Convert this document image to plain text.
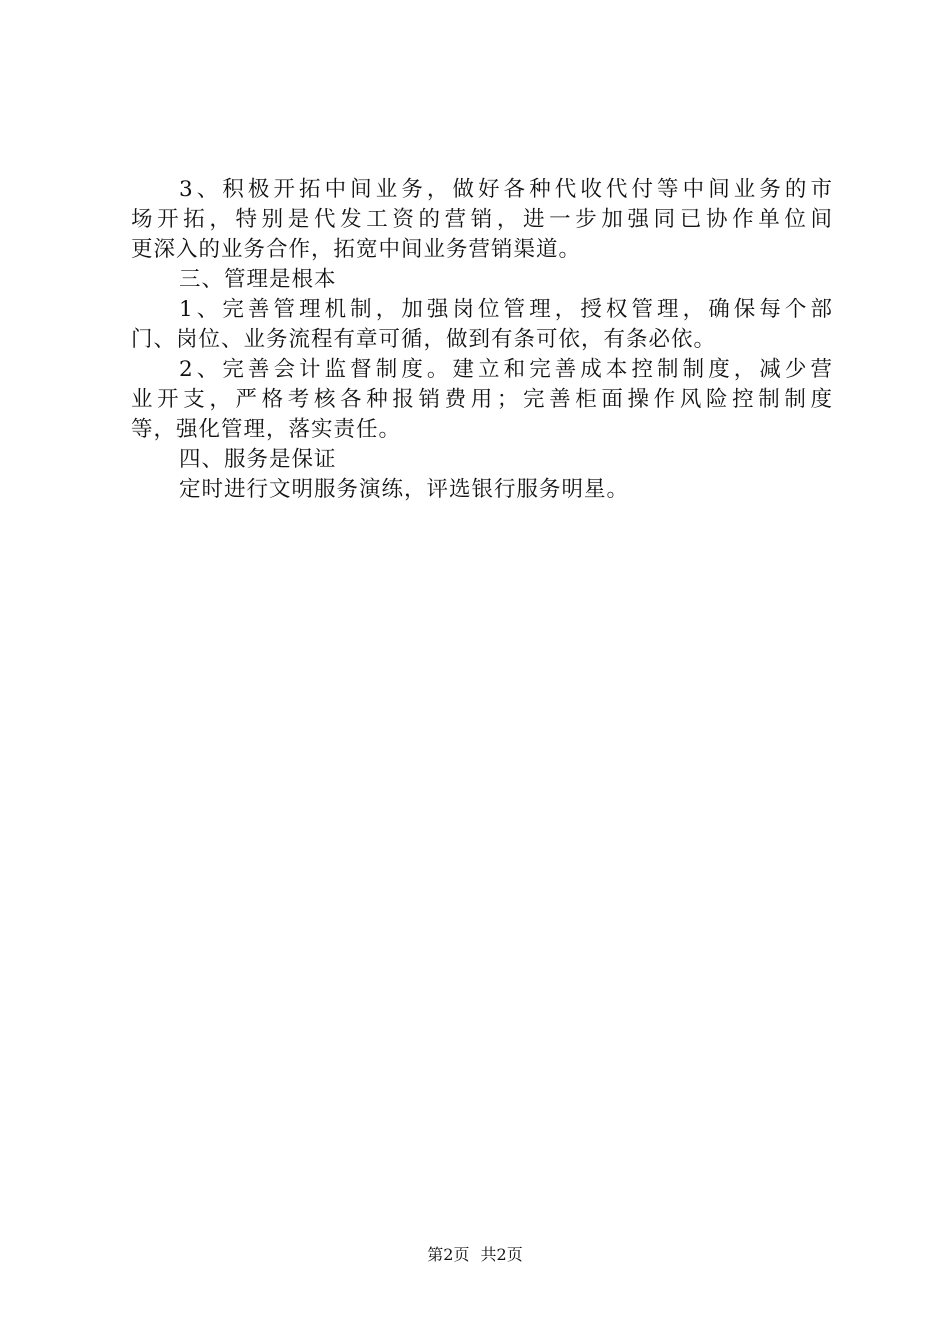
3、积极开拓中间业务，做好各种代收代付等中间业务的市
场开拓，特别是代发工资的营销，进一步加强同已协作单位间
更深入的业务合作，拓宽中间业务营销渠道。
三、管理是根本
1、完善管理机制，加强岗位管理，授权管理，确保每个部
门、岗位、业务流程有章可循，做到有条可依，有条必依。
2、完善会计监督制度。建立和完善成本控制制度，减少营
业开支，严格考核各种报销费用；完善柜面操作风险控制制度
等，强化管理，落实责任。
四、服务是保证
定时进行文明服务演练，评选银行服务明星。
第2页 共2页
